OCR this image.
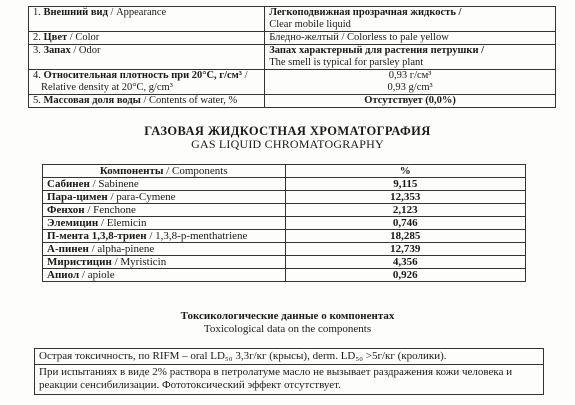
1. Внешний вид / Appearance	Легкоподвижная прозрачная жидкость /
Clear mobile liquid
2. Цвет / Color	Бледно-желтый / Colorless to pale yellow
3. Запах / Odor	Запах характерный для растения петрушки /
The smell is typical for parsley plant
4. Относительная плотность при 20°С, г/см³ /
Relative density at 20°C, g/cm³	0,93 г/см³
0,93 g/cm³
5. Массовая доля воды / Contents of water, %	Отсутствует (0,0%)
ГАЗОВАЯ ЖИДКОСТНАЯ ХРОМАТОГРАФИЯ
GAS LIQUID CHROMATOGRAPHY
Компоненты / Components	%
Сабинен / Sabinene	9,115
Пара-цимен / para-Cymene	12,353
Фенхон / Fenchone	2,123
Элемицин / Elemicin	0,746
П-мента 1,3,8-триен / 1,3,8-p-menthatriene	18,285
А-пинен / alpha-pinene	12,739
Миристицин / Myristicin	4,356
Апиол / apiole	0,926
Токсикологические данные о компонентах
Toxicological data on the components
Острая токсичность, по RIFM – oral LD₅₀ 3,3г/кг (крысы), derm. LD₅₀ >5г/кг (кролики).
При испытаниях в виде 2% раствора в петролатуме масло не вызывает раздражения кожи человека и реакции сенсибилизации. Фототоксический эффект отсутствует.
